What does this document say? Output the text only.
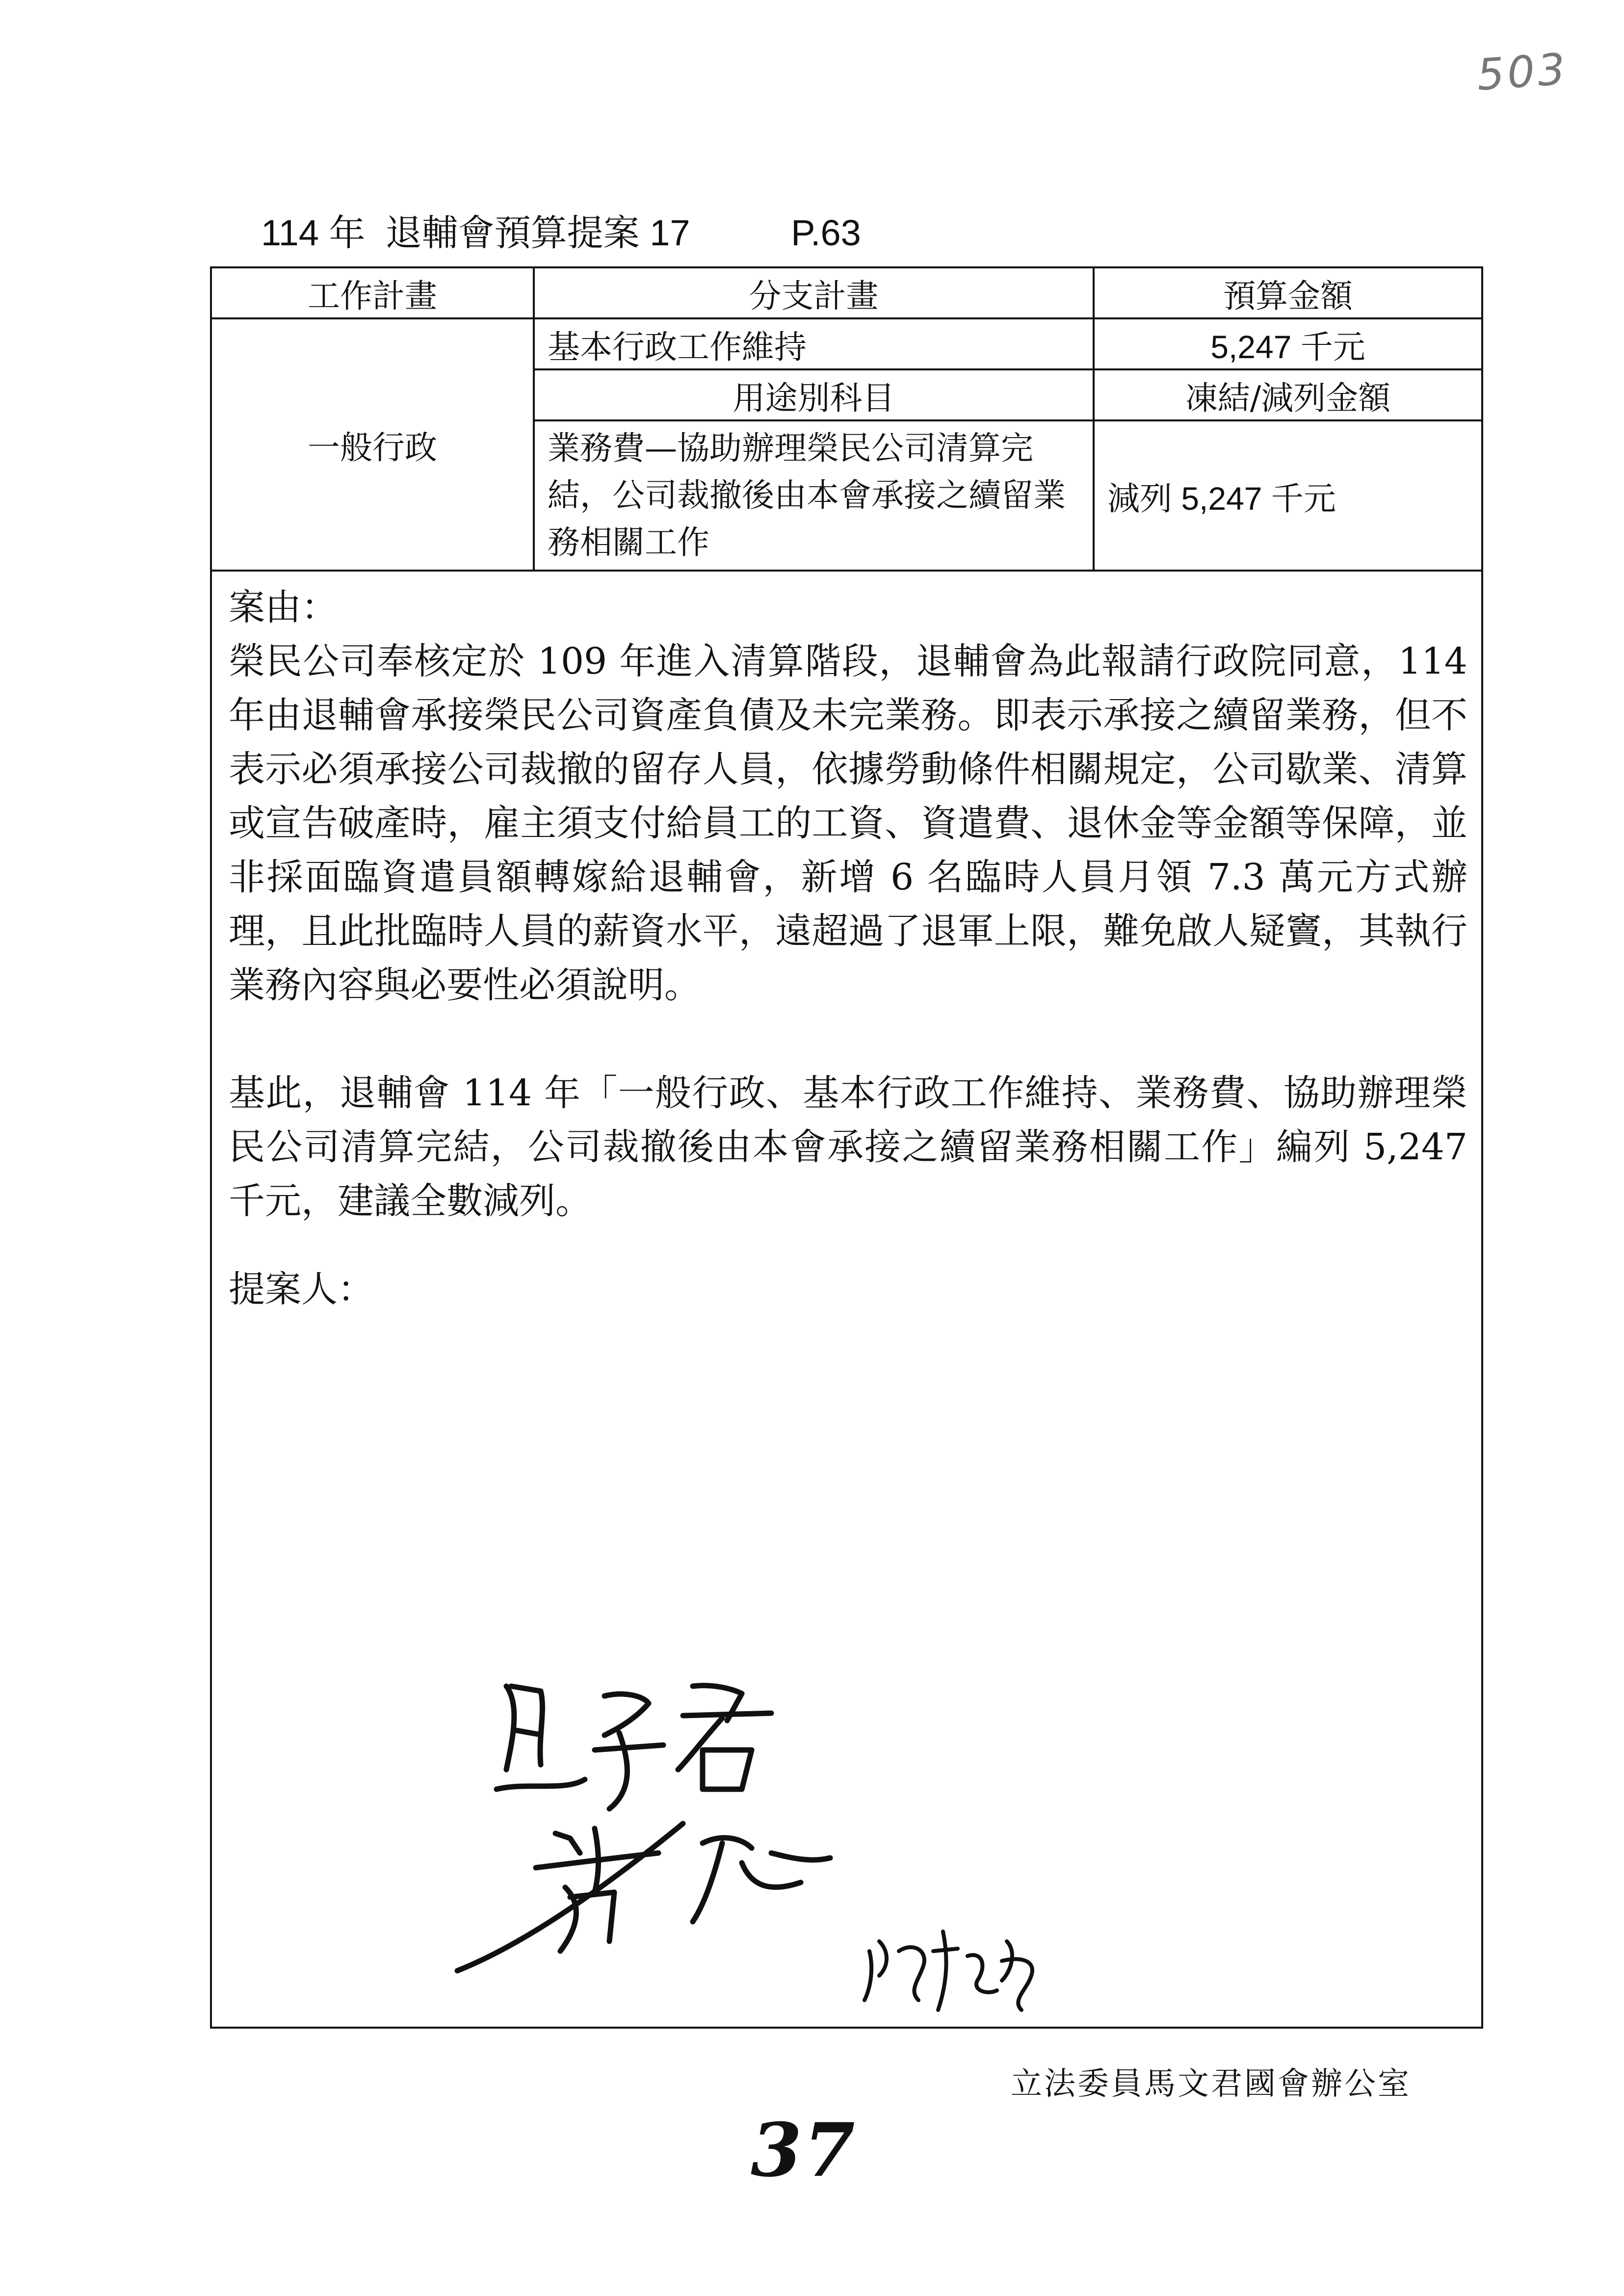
503
114 年  退輔會預算提案 17          P.63
工作計畫	分支計畫	預算金額
一般行政	基本行政工作維持	5,247 千元
	用途別科目	凍結/減列金額
	業務費—協助辦理榮民公司清算完結，公司裁撤後由本會承接之續留業務相關工作	減列 5,247 千元
案由：
榮民公司奉核定於 109 年進入清算階段，退輔會為此報請行政院同意，114 年由退輔會承接榮民公司資產負債及未完業務。即表示承接之續留業務，但不表示必須承接公司裁撤的留存人員，依據勞動條件相關規定，公司歇業、清算或宣告破產時，雇主須支付給員工的工資、資遣費、退休金等金額等保障，並非採面臨資遣員額轉嫁給退輔會，新增 6 名臨時人員月領 7.3 萬元方式辦理，且此批臨時人員的薪資水平，遠超過了退軍上限，難免啟人疑竇，其執行業務內容與必要性必須說明。
基此，退輔會 114 年「一般行政、基本行政工作維持、業務費、協助辦理榮民公司清算完結，公司裁撤後由本會承接之續留業務相關工作」編列 5,247 千元，建議全數減列。
提案人：
立法委員馬文君國會辦公室
37
